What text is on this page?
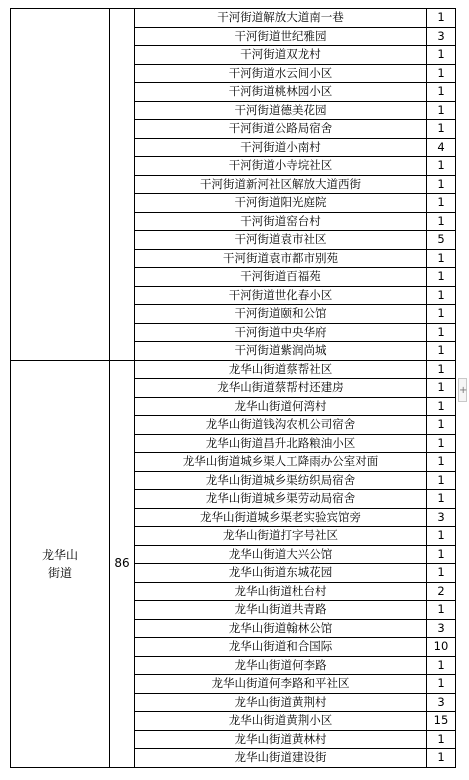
		干河街道解放大道南一巷	1
		干河街道世纪雅园	3
		干河街道双龙村	1
		干河街道水云间小区	1
		干河街道桃林园小区	1
		干河街道德美花园	1
		干河街道公路局宿舍	1
		干河街道小南村	4
		干河街道小寺垸社区	1
		干河街道新河社区解放大道西街	1
		干河街道阳光庭院	1
		干河街道窑台村	1
		干河街道袁市社区	5
		干河街道袁市都市别苑	1
		干河街道百福苑	1
		干河街道世化春小区	1
		干河街道颐和公馆	1
		干河街道中央华府	1
		干河街道紫润尚城	1
龙华山街道	86	龙华山街道蔡帮社区	1
		龙华山街道蔡帮村还建房	1
		龙华山街道何湾村	1
		龙华山街道钱沟农机公司宿舍	1
		龙华山街道昌升北路粮油小区	1
		龙华山街道城乡渠人工降雨办公室对面	1
		龙华山街道城乡渠纺织局宿舍	1
		龙华山街道城乡渠劳动局宿舍	1
		龙华山街道城乡渠老实验宾馆旁	3
		龙华山街道打字号社区	1
		龙华山街道大兴公馆	1
		龙华山街道东城花园	1
		龙华山街道杜台村	2
		龙华山街道共青路	1
		龙华山街道翰林公馆	3
		龙华山街道和合国际	10
		龙华山街道何李路	1
		龙华山街道何李路和平社区	1
		龙华山街道黄荆村	3
		龙华山街道黄荆小区	15
		龙华山街道黄林村	1
		龙华山街道建设街	1
+
